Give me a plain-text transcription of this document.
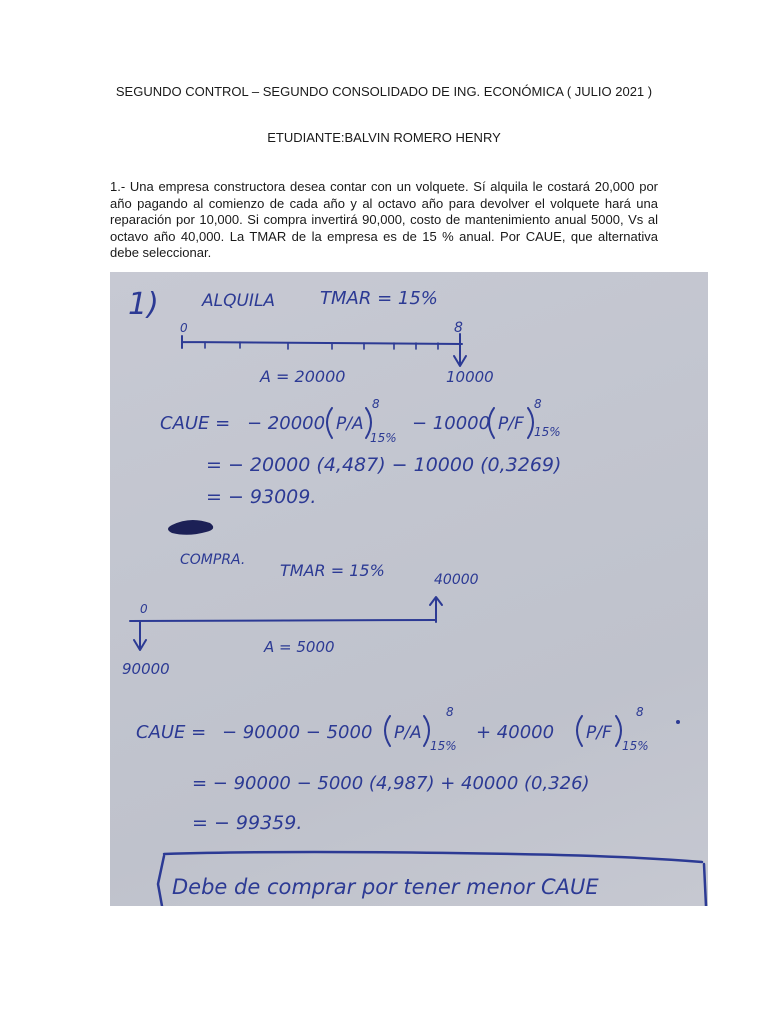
SEGUNDO CONTROL – SEGUNDO CONSOLIDADO DE ING. ECONÓMICA ( JULIO 2021 )

ETUDIANTE:BALVIN ROMERO HENRY

1.- Una empresa constructora desea contar con un volquete. Sí alquila le costará 20,000 por año pagando al comienzo de cada año y al octavo año para devolver el volquete hará una reparación por 10,000. Si compra invertirá 90,000, costo de mantenimiento anual 5000, Vs al octavo año 40,000. La TMAR de la empresa es de 15 % anual. Por CAUE, que alternativa debe seleccionar.

1)	ALQUILA TMAR = 15%
0	8
A = 20000	10000
CAUE = − 20000 P/A
8
15%
− 10000 P/F
8
15%
= − 20000 (4,487) − 10000 (0,3269)
= − 93009.
COMPRA.
TMAR = 15%	40000
0
A = 5000
90000
CAUE = − 90000 − 5000 P/A
8
15%
+ 40000 P/F
8
15%
= − 90000 − 5000 (4,987) + 40000 (0,326)
= − 99359.
Debe de comprar por tener menor CAUE
